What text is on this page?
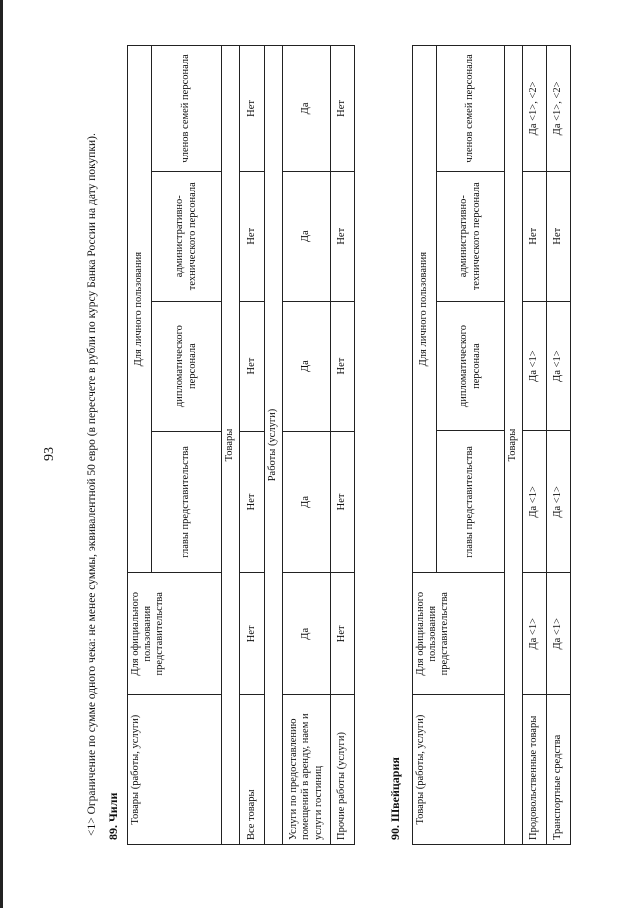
93	<1> Ограничение по сумме одного чека: не менее суммы, эквивалентной 50 евро (в пересчете в рубли по курсу Банка России на дату покупки). 89. Чили Товары (работы, услуги)	Для официального пользования представительства	Для личного пользования			
		главы представительства	дипломатического персонала	административно-технического персонала	членов семей персонала
Товары					
Все товары	Нет	Нет	Нет	Нет	Нет
Работы (услуги)					
Услуги по предоставлению помещений в аренду, наем и услуги гостиниц	Да	Да	Да	Да	Да
Прочие работы (услуги)	Нет	Нет	Нет	Нет	Нет
90. Швейцария Товары (работы, услуги)	Для официального пользования представительства	Для личного пользования			
		главы представительства	дипломатического персонала	административно-технического персонала	членов семей персонала
Товары					
Продовольственные товары	Да <1>	Да <1>	Да <1>	Нет	Да <1>, <2>
Транспортные средства	Да <1>	Да <1>	Да <1>	Нет	Да <1>, <2>
